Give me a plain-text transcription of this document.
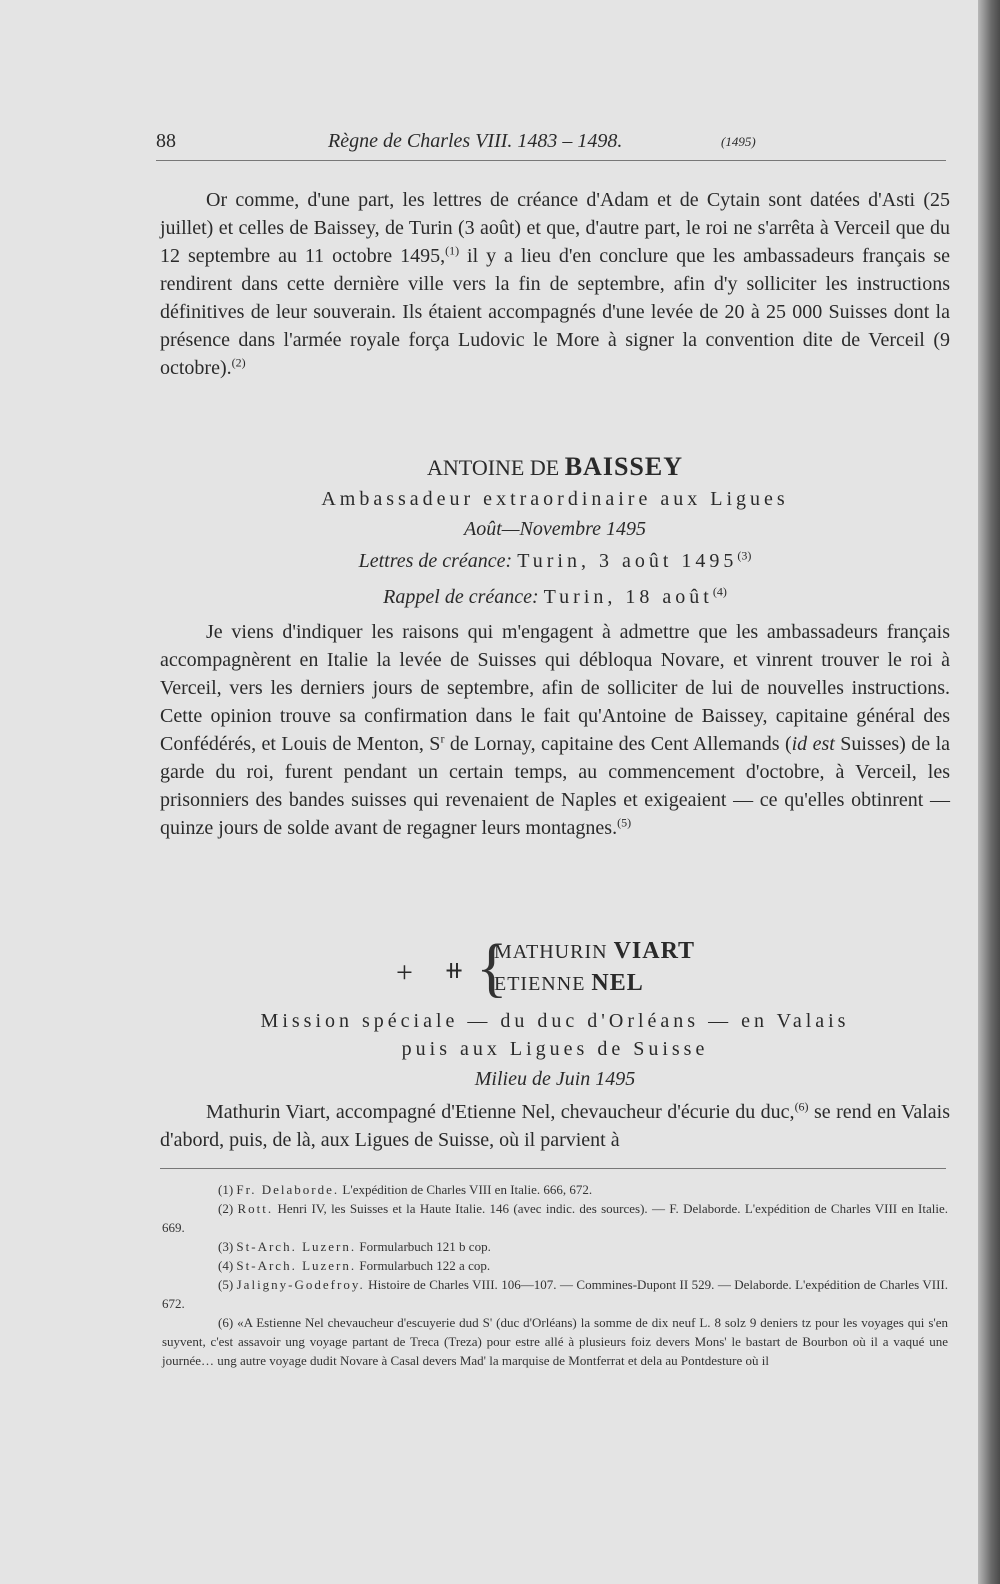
88	Règne de Charles VIII. 1483 – 1498.	(1495)

Or comme, d'une part, les lettres de créance d'Adam et de Cytain sont datées d'Asti (25 juillet) et celles de Baissey, de Turin (3 août) et que, d'autre part, le roi ne s'arrêta à Verceil que du 12 septembre au 11 octobre 1495,$^{(1)}$ il y a lieu d'en conclure que les ambassadeurs français se rendirent dans cette dernière ville vers la fin de septembre, afin d'y solliciter les instructions définitives de leur souverain. Ils étaient accompagnés d'une levée de 20 à 25 000 Suisses dont la présence dans l'armée royale força Ludovic le More à signer la convention dite de Verceil (9 octobre).$^{(2)}$

ANTOINE DE BAISSEY

Ambassadeur extraordinaire aux Ligues

Août—Novembre 1495

Lettres de créance: Turin, 3 août 1495$^{(3)}$

Rappel de créance: Turin, 18 août$^{(4)}$

Je viens d'indiquer les raisons qui m'engagent à admettre que les ambassadeurs français accompagnèrent en Italie la levée de Suisses qui débloqua Novare, et vinrent trouver le roi à Verceil, vers les derniers jours de septembre, afin de solliciter de lui de nouvelles instructions. Cette opinion trouve sa confirmation dans le fait qu'Antoine de Baissey, capitaine général des Confédérés, et Louis de Menton, $S^r$ de Lornay, capitaine des Cent Allemands (id est Suisses) de la garde du roi, furent pendant un certain temps, au commencement d'octobre, à Verceil, les prisonniers des bandes suisses qui revenaient de Naples et exigeaient — ce qu'elles obtinrent — quinze jours de solde avant de regagner leurs montagnes.$^{(5)}$

+ ⧺ {
MATHURIN VIART
ETIENNE NEL

Mission spéciale — du duc d'Orléans — en Valais

puis aux Ligues de Suisse

Milieu de Juin 1495

Mathurin Viart, accompagné d'Etienne Nel, chevaucheur d'écurie du duc,$^{(6)}$ se rend en Valais d'abord, puis, de là, aux Ligues de Suisse, où il parvient à

(1) Fr. Delaborde. L'expédition de Charles VIII en Italie. 666, 672.

(2) Rott. Henri IV, les Suisses et la Haute Italie. 146 (avec indic. des sources). — F. Delaborde. L'expédition de Charles VIII en Italie. 669.

(3) St-Arch. Luzern. Formularbuch 121 b cop.

(4) St-Arch. Luzern. Formularbuch 122 a cop.

(5) Jaligny-Godefroy. Histoire de Charles VIII. 106—107. — Commines-Dupont II 529. — Delaborde. L'expédition de Charles VIII. 672.

(6) «A Estienne Nel chevaucheur d'escuyerie dud S' (duc d'Orléans) la somme de dix neuf L. 8 solz 9 deniers tz pour les voyages qui s'en suyvent, c'est assavoir ung voyage partant de Treca (Treza) pour estre allé à plusieurs foiz devers Mons' le bastart de Bourbon où il a vaqué une journée… ung autre voyage dudit Novare à Casal devers Mad' la marquise de Montferrat et dela au Pontdesture où il
